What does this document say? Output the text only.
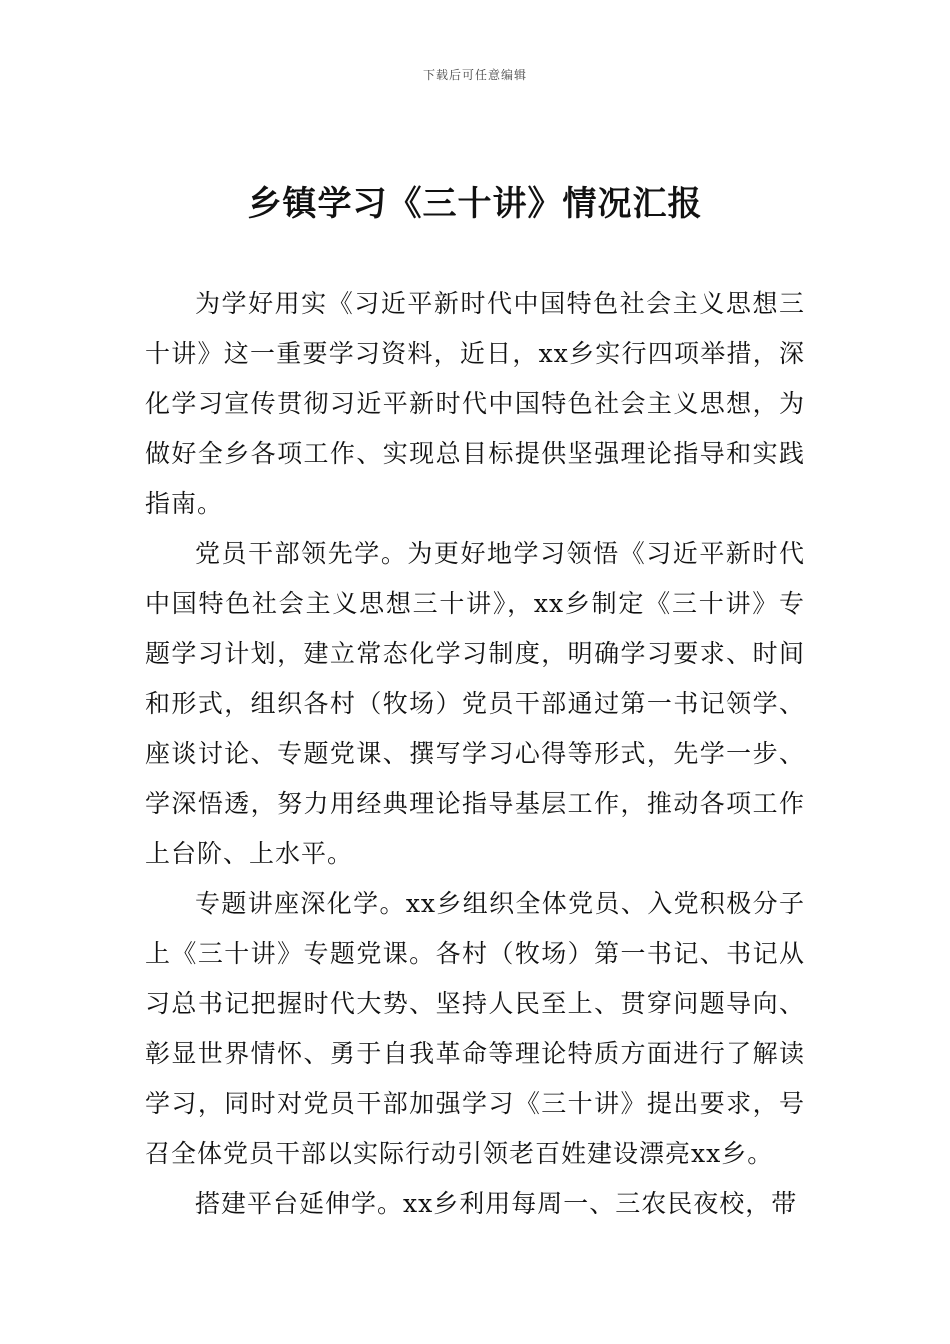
下载后可任意编辑
乡镇学习《三十讲》情况汇报

为学好用实《习近平新时代中国特色社会主义思想三十讲》这一重要学习资料，近日，xx乡实行四项举措，深化学习宣传贯彻习近平新时代中国特色社会主义思想，为做好全乡各项工作、实现总目标提供坚强理论指导和实践指南。

党员干部领先学。为更好地学习领悟《习近平新时代中国特色社会主义思想三十讲》，xx乡制定《三十讲》专题学习计划，建立常态化学习制度，明确学习要求、时间和形式，组织各村（牧场）党员干部通过第一书记领学、座谈讨论、专题党课、撰写学习心得等形式，先学一步、学深悟透，努力用经典理论指导基层工作，推动各项工作上台阶、上水平。

专题讲座深化学。xx乡组织全体党员、入党积极分子上《三十讲》专题党课。各村（牧场）第一书记、书记从习总书记把握时代大势、坚持人民至上、贯穿问题导向、彰显世界情怀、勇于自我革命等理论特质方面进行了解读学习，同时对党员干部加强学习《三十讲》提出要求，号召全体党员干部以实际行动引领老百姓建设漂亮xx乡。

搭建平台延伸学。xx乡利用每周一、三农民夜校，带
